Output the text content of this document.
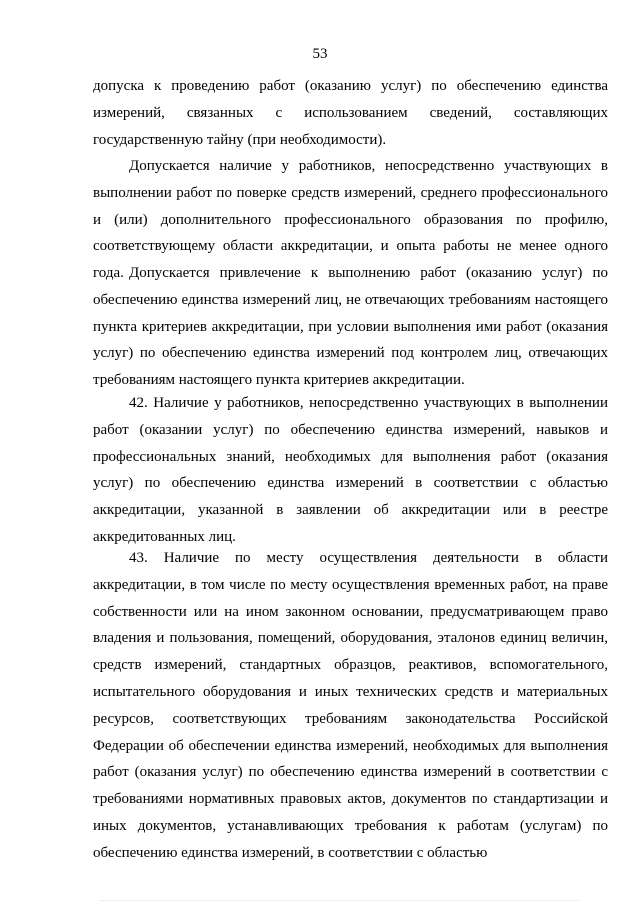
53

допуска к проведению работ (оказанию услуг) по обеспечению единства измерений, связанных с использованием сведений, составляющих государственную тайну (при необходимости).

Допускается наличие у работников, непосредственно участвующих в выполнении работ по поверке средств измерений, среднего профессионального и (или) дополнительного профессионального образования по профилю, соответствующему области аккредитации, и опыта работы не менее одного года. Допускается привлечение к выполнению работ (оказанию услуг) по обеспечению единства измерений лиц, не отвечающих требованиям настоящего пункта критериев аккредитации, при условии выполнения ими работ (оказания услуг) по обеспечению единства измерений под контролем лиц, отвечающих требованиям настоящего пункта критериев аккредитации.

42. Наличие у работников, непосредственно участвующих в выполнении работ (оказании услуг) по обеспечению единства измерений, навыков и профессиональных знаний, необходимых для выполнения работ (оказания услуг) по обеспечению единства измерений в соответствии с областью аккредитации, указанной в заявлении об аккредитации или в реестре аккредитованных лиц.

43. Наличие по месту осуществления деятельности в области аккредитации, в том числе по месту осуществления временных работ, на праве собственности или на ином законном основании, предусматривающем право владения и пользования, помещений, оборудования, эталонов единиц величин, средств измерений, стандартных образцов, реактивов, вспомогательного, испытательного оборудования и иных технических средств и материальных ресурсов, соответствующих требованиям законодательства Российской Федерации об обеспечении единства измерений, необходимых для выполнения работ (оказания услуг) по обеспечению единства измерений в соответствии с требованиями нормативных правовых актов, документов по стандартизации и иных документов, устанавливающих требования к работам (услугам) по обеспечению единства измерений, в соответствии с областью
